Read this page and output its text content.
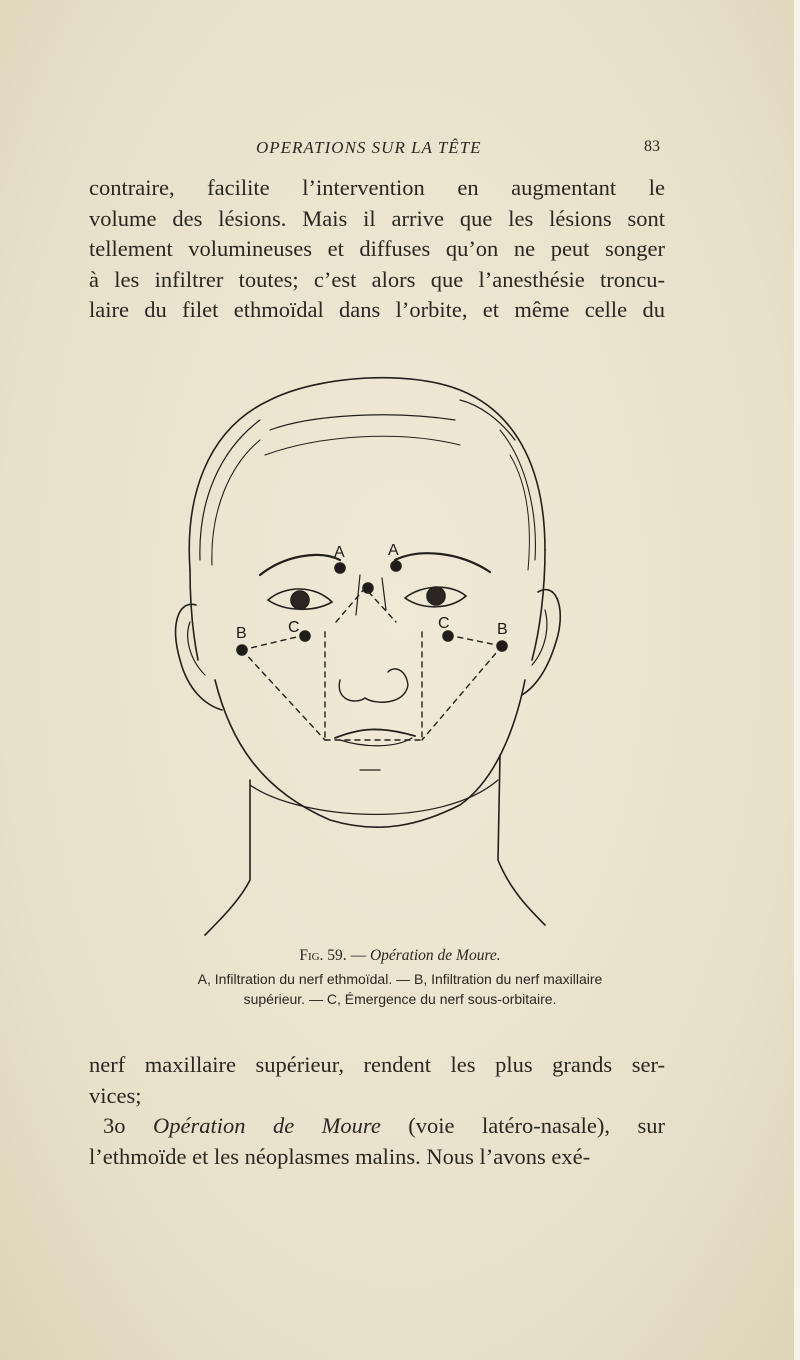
OPERATIONS SUR LA TÊTE	83
contraire, facilite l’intervention en augmentant le
volume des lésions. Mais il arrive que les lésions sont
tellement volumineuses et diffuses qu’on ne peut songer
à les infiltrer toutes; c’est alors que l’anesthésie troncu-
laire du filet ethmoïdal dans l’orbite, et même celle du
A	A
B	B
C	C
Fig. 59. — Opération de Moure.
A, Infiltration du nerf ethmoïdal. — B, Infiltration du nerf maxillaire
supérieur. — C, Émergence du nerf sous-orbitaire.
nerf maxillaire supérieur, rendent les plus grands ser-
vices;
3o Opération de Moure (voie latéro-nasale), sur
l’ethmoïde et les néoplasmes malins. Nous l’avons exé-
